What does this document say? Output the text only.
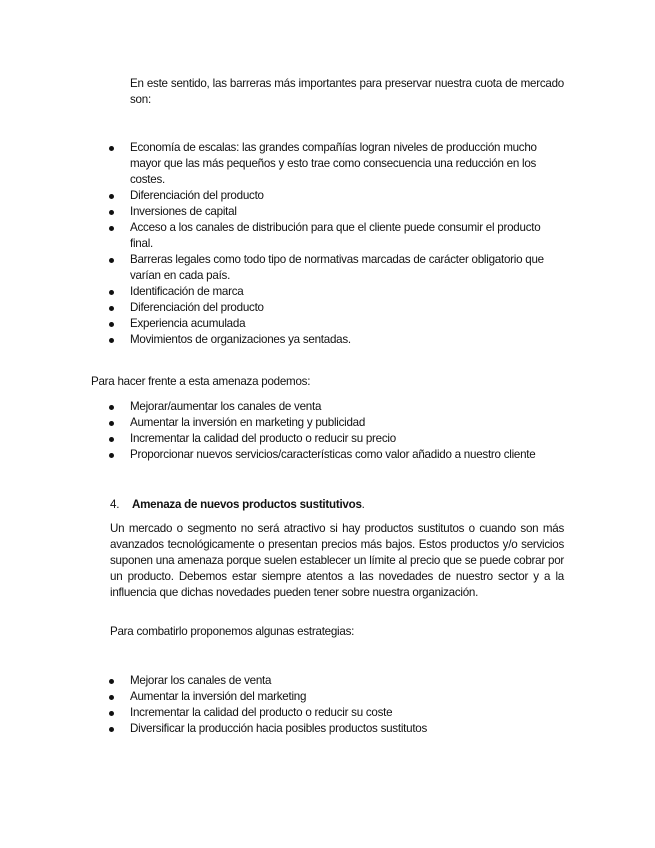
En este sentido, las barreras más importantes para preservar nuestra cuota de mercado son:

Economía de escalas: las grandes compañías logran niveles de producción mucho mayor que las más pequeños y esto trae como consecuencia una reducción en los costes.
Diferenciación del producto
Inversiones de capital
Acceso a los canales de distribución para que el cliente puede consumir el producto final.
Barreras legales como todo tipo de normativas marcadas de carácter obligatorio que varían en cada país.
Identificación de marca
Diferenciación del producto
Experiencia acumulada
Movimientos de organizaciones ya sentadas.

Para hacer frente a esta amenaza podemos:

Mejorar/aumentar los canales de venta
Aumentar la inversión en marketing y publicidad
Incrementar la calidad del producto o reducir su precio
Proporcionar nuevos servicios/características como valor añadido a nuestro cliente

4. Amenaza de nuevos productos sustitutivos.

Un mercado o segmento no será atractivo si hay productos sustitutos o cuando son más avanzados tecnológicamente o presentan precios más bajos. Estos productos y/o servicios suponen una amenaza porque suelen establecer un límite al precio que se puede cobrar por un producto. Debemos estar siempre atentos a las novedades de nuestro sector y a la influencia que dichas novedades pueden tener sobre nuestra organización.

Para combatirlo proponemos algunas estrategias:

Mejorar los canales de venta
Aumentar la inversión del marketing
Incrementar la calidad del producto o reducir su coste
Diversificar la producción hacia posibles productos sustitutos
